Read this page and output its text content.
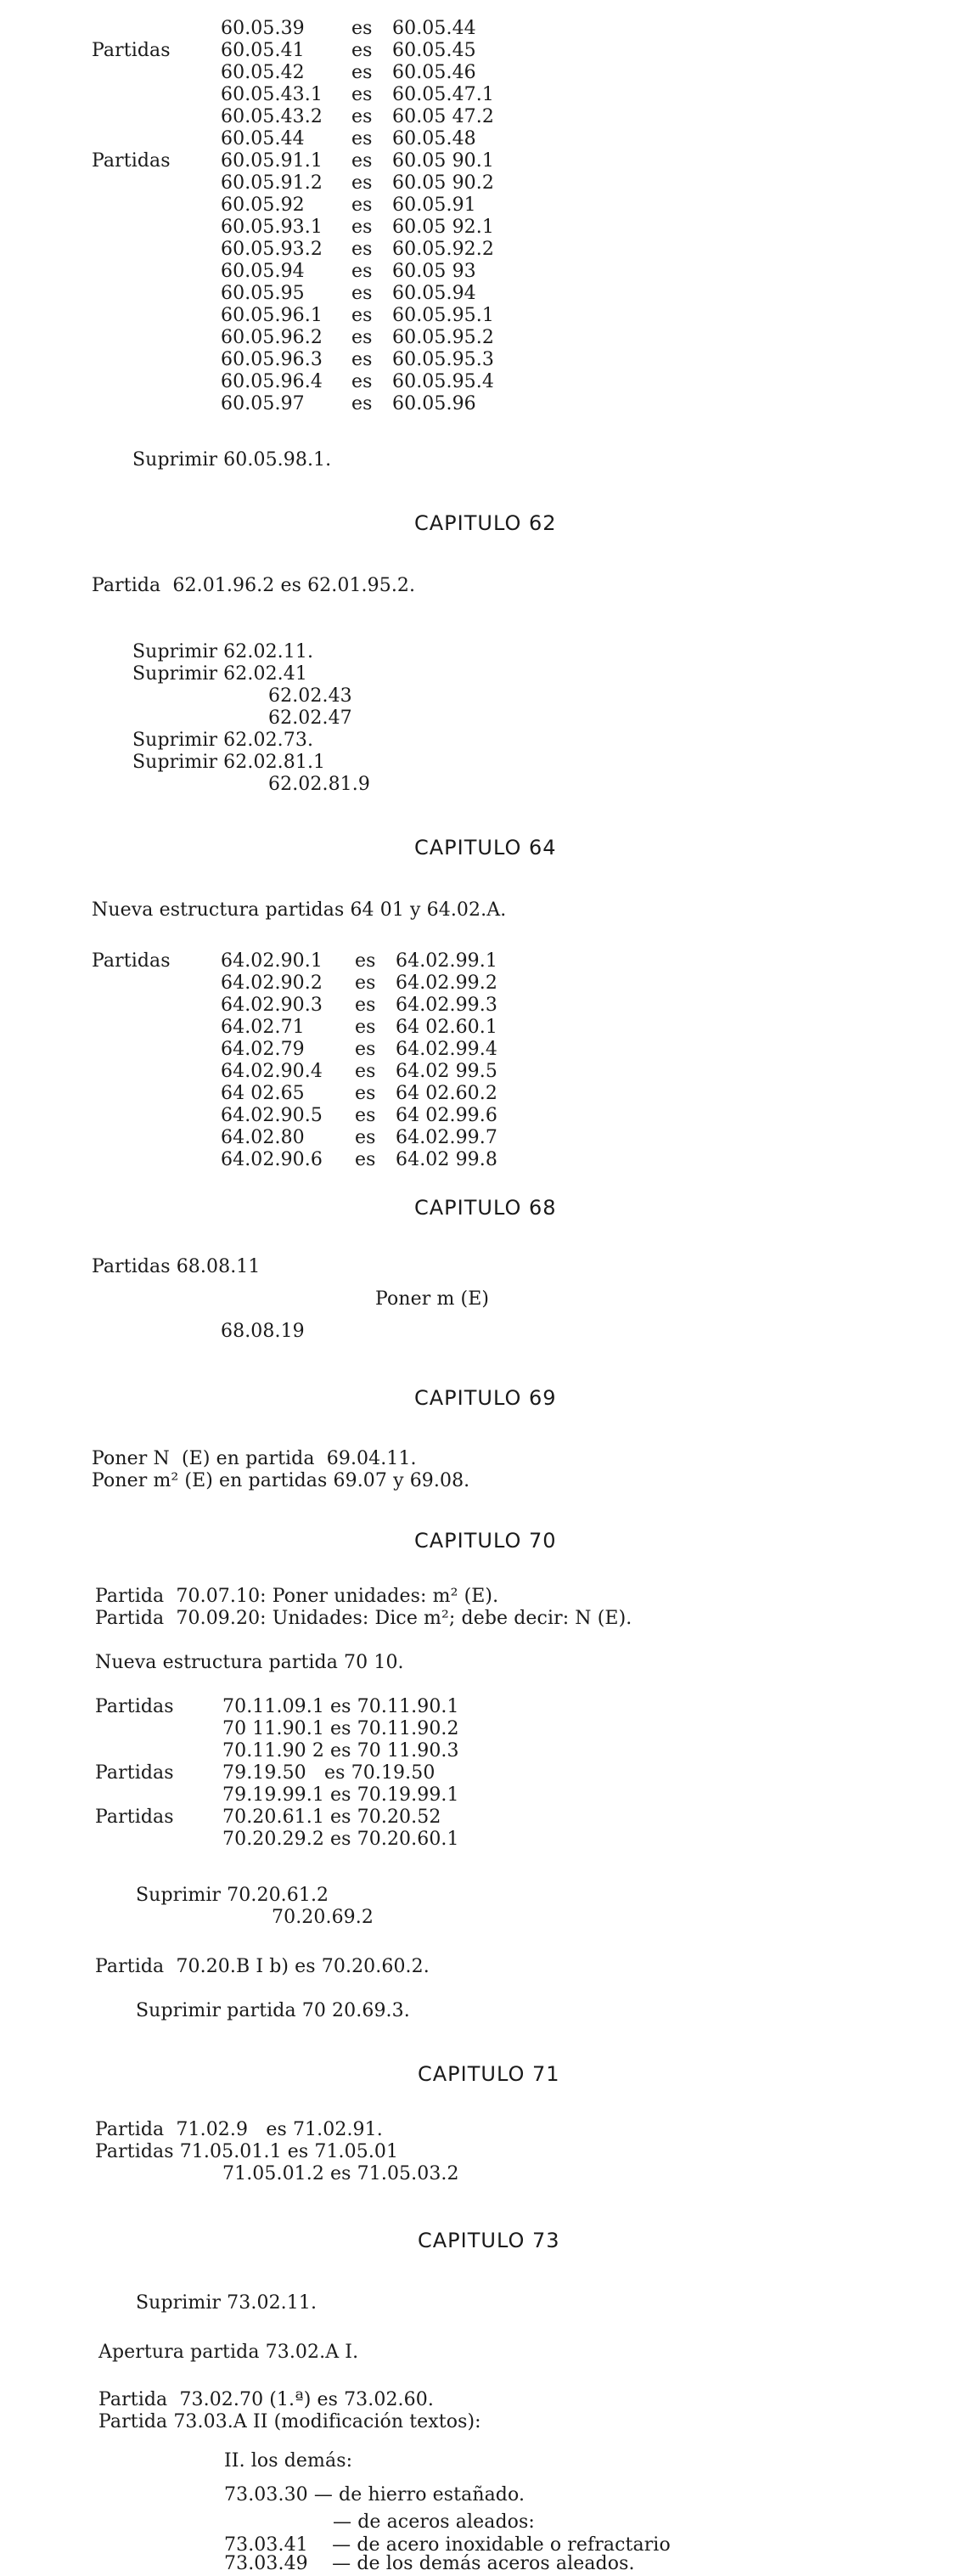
60.05.39	es 60.05.44
Partidas	60.05.41	es 60.05.45
60.05.42	es 60.05.46
60.05.43.1 es 60.05.47.1
60.05.43.2 es 60.05 47.2
60.05.44	es 60.05.48
Partidas	60.05.91.1 es 60.05 90.1
60.05.91.2 es 60.05 90.2
60.05.92	es 60.05.91
60.05.93.1 es 60.05 92.1
60.05.93.2 es 60.05.92.2
60.05.94	es 60.05 93
60.05.95	es 60.05.94
60.05.96.1 es 60.05.95.1
60.05.96.2 es 60.05.95.2
60.05.96.3 es 60.05.95.3
60.05.96.4 es 60.05.95.4
60.05.97	es 60.05.96
Suprimir 60.05.98.1.
CAPITULO 62
Partida  62.01.96.2 es 62.01.95.2.
Suprimir 62.02.11.
Suprimir 62.02.41
62.02.43
62.02.47
Suprimir 62.02.73.
Suprimir 62.02.81.1
62.02.81.9
CAPITULO 64
Nueva estructura partidas 64 01 y 64.02.A.
Partidas	64.02.90.1 es 64.02.99.1
64.02.90.2 es 64.02.99.2
64.02.90.3 es 64.02.99.3
64.02.71	es 64 02.60.1
64.02.79	es 64.02.99.4
64.02.90.4 es 64.02 99.5
64 02.65	es 64 02.60.2
64.02.90.5 es 64 02.99.6
64.02.80	es 64.02.99.7
64.02.90.6 es 64.02 99.8
CAPITULO 68
Partidas 68.08.11
Poner m (E)
68.08.19
CAPITULO 69
Poner N  (E) en partida  69.04.11.
Poner m² (E) en partidas 69.07 y 69.08.
CAPITULO 70
Partida  70.07.10: Poner unidades: m² (E).
Partida  70.09.20: Unidades: Dice m²; debe decir: N (E).
Nueva estructura partida 70 10.
Partidas	70.11.09.1 es 70.11.90.1
70 11.90.1 es 70.11.90.2
70.11.90 2 es 70 11.90.3
Partidas	79.19.50   es 70.19.50
79.19.99.1 es 70.19.99.1
Partidas	70.20.61.1 es 70.20.52
70.20.29.2 es 70.20.60.1
Suprimir 70.20.61.2
70.20.69.2
Partida  70.20.B I b) es 70.20.60.2.
Suprimir partida 70 20.69.3.
CAPITULO 71
Partida  71.02.9   es 71.02.91.
Partidas 71.05.01.1 es 71.05.01
71.05.01.2 es 71.05.03.2
CAPITULO 73
Suprimir 73.02.11.
Apertura partida 73.02.A I.
Partida  73.02.70 (1.ª) es 73.02.60.
Partida 73.03.A II (modificación textos):
II. los demás:
73.03.30 — de hierro estañado.
— de aceros aleados:
73.03.41    — de acero inoxidable o refractario
73.03.49    — de los demás aceros aleados.
